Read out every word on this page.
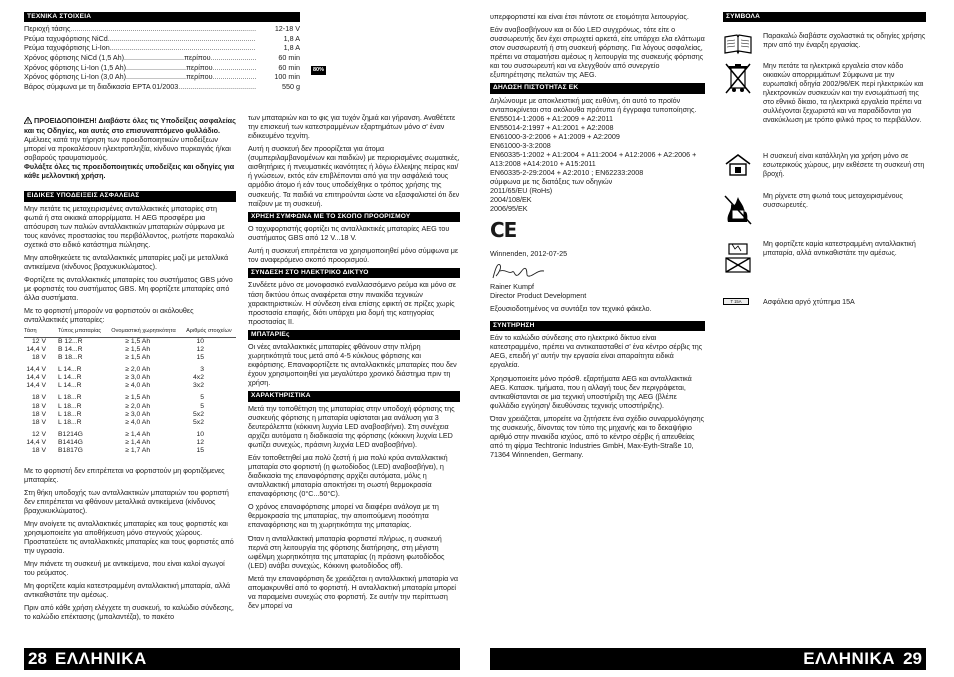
ΤΕΧΝΙΚΑ ΣΤΟΙΧΕΙΑ
Περιοχή τάσης .....	12-18 V
Ρεύμα ταχυφόρτισης NiCd .....	1,8 A
Ρεύμα ταχυφόρτισης Li-Ion .....	1,8 A
Χρόνος φόρτισης NiCd (1,5 Ah)..............................περίπου .....	60 min
Χρόνος φόρτισης Li-Ion (1,5 Ah)..............................περίπου .....	60 min
Χρόνος φόρτισης Li-Ion (3,0 Ah)..............................περίπου .....	100 min
Βάρος σύμφωνα με τη διαδικασία EPTA 01/2003 .....	550 g
80%

ΠΡΟΕΙΔΟΠΟΙΗΣΗ! Διαβάστε όλες τις Υποδείξεις ασφαλείας και τις Οδηγίες, και αυτές στο επισυναπτόμενο φυλλάδιο. Αμέλειες κατά την τήρηση των προειδοποιητικών υποδείξεων μπορεί να προκαλέσουν ηλεκτροπληξία, κίνδυνο πυρκαγιάς ή/και σοβαρούς τραυματισμούς.
Φυλάξτε όλες τις προειδοποιητικές υποδείξεις και οδηγίες για κάθε μελλοντική χρήση.

ΕΙΔΙΚΕΣ ΥΠΟΔΕΙΞΕΙΣ ΑΣΦΑΛΕΙΑΣ

Μην πετάτε τις μεταχειρισμένες ανταλλακτικές μπαταρίες στη φωτιά ή στα οικιακά απορρίμματα. Η AEG προσφέρει μια απόσυρση των παλιών ανταλλακτικών μπαταριών σύμφωνα με τους κανόνες προστασίας του περιβάλλοντος, ρωτήστε παρακαλώ σχετικά στο ειδικό κατάστημα πώλησης.

Μην αποθηκεύετε τις ανταλλακτικές μπαταρίες μαζί με μεταλλικά αντικείμενα (κίνδυνος βραχυκυκλώματος).

Φορτίζετε τις ανταλλακτικές μπαταρίες του συστήματος GBS μόνο με φορτιστές του συστήματος GBS. Μη φορτίζετε μπαταρίες από άλλα συστήματα.

Με το φορτιστή μπορούν να φορτιστούν οι ακόλουθες ανταλλακτικές μπαταρίες:

Τάση	Τύπος μπαταρίας	Ονομαστική χωρητικότητα	Αριθμός στοιχείων
12 V	B 12...R	≥ 1,5 Ah	10
14,4 V	B 14...R	≥ 1,5 Ah	12
18 V	B 18...R	≥ 1,5 Ah	15

14,4 V	L 14...R	≥ 2,0 Ah	3
14,4 V	L 14...R	≥ 3,0 Ah	4x2
14,4 V	L 14...R	≥ 4,0 Ah	3x2

18 V	L 18...R	≥ 1,5 Ah	5
18 V	L 18...R	≥ 2,0 Ah	5
18 V	L 18...R	≥ 3,0 Ah	5x2
18 V	L 18...R	≥ 4,0 Ah	5x2

12 V	B1214G	≥ 1,4 Ah	10
14,4 V	B1414G	≥ 1,4 Ah	12
18 V	B1817G	≥ 1,7 Ah	15

Με το φορτιστή δεν επιτρέπεται να φορτιστούν μη φορτιζόμενες μπαταρίες.

Στη θήκη υποδοχής των ανταλλακτικών μπαταριών του φορτιστή δεν επιτρέπεται να φθάνουν μεταλλικά αντικείμενα (κίνδυνος βραχυκυκλώματος).

Μην ανοίγετε τις ανταλλακτικές μπαταρίες και τους φορτιστές και χρησιμοποιείτε για αποθήκευση μόνο στεγνούς χώρους. Προστατεύετε τις ανταλλακτικές μπαταρίες και τους φορτιστές από την υγρασία.

Μην πιάνετε τη συσκευή με αντικείμενα, που είναι καλοί αγωγοί του ρεύματος.

Μη φορτίζετε καμία κατεστραμμένη ανταλλακτική μπαταρία, αλλά αντικαθιστάτε την αμέσως.

Πριν από κάθε χρήση ελέγχετε τη συσκευή, το καλώδιο σύνδεσης, το καλώδιο επέκτασης (μπαλαντέζα), το πακέτο

των μπαταριών και το φις για τυχόν ζημιά και γήρανση. Αναθέτετε την επισκευή των κατεστραμμένων εξαρτημάτων μόνο σ' έναν ειδικευμένο τεχνίτη.

Αυτή η συσκευή δεν προορίζεται για άτομα (συμπεριλαμβανομένων και παιδιών) με περιορισμένες σωματικές, αισθητήριες ή πνευματικές ικανότητες ή λόγω έλλειψης πείρας και/ή γνώσεων, εκτός εάν επιβλέπονται από για την ασφάλειά τους αρμόδιο άτομο ή εάν τους υποδείχθηκε ο τρόπος χρήσης της συσκευής. Τα παιδιά να επιτηρούνται ώστε να εξασφαλιστεί ότι δεν παίζουν με τη συσκευή.

ΧΡΗΣΗ ΣΥΜΦΩΝΑ ΜΕ ΤΟ ΣΚΟΠΟ ΠΡΟΟΡΙΣΜΟΥ

Ο ταχυφορτιστής φορτίζει τις ανταλλακτικές μπαταρίες AEG του συστήματος GBS από 12 V...18 V.

Αυτή η συσκευή επιτρέπεται να χρησιμοποιηθεί μόνο σύμφωνα με τον αναφερόμενο σκοπό προορισμού.

ΣΥΝΔΕΣΗ ΣΤΟ ΗΛΕΚΤΡΙΚΟ ΔΙΚΤΥΟ

Συνδέετε μόνο σε μονοφασικό εναλλασσόμενο ρεύμα και μόνο σε τάση δικτύου όπως αναφέρεται στην πινακίδα τεχνικών χαρακτηριστικών. Η σύνδεση είναι επίσης εφικτή σε πρίζες χωρίς προστασία επαφής, διότι υπάρχει μια δομή της κατηγορίας προστασίας II.

ΜΠΑΤΑΡΙΕς

Οι νέες ανταλλακτικές μπαταρίες φθάνουν στην πλήρη χωρητικότητά τους μετά από 4-5 κύκλους φόρτισης και εκφόρτισης. Επαναφορτίζετε τις ανταλλακτικές μπαταρίες που δεν έχουν χρησιμοποιηθεί για μεγαλύτερο χρονικό διάστημα πριν τη χρήση.

ΧΑΡΑΚΤΗΡΙΣΤΙΚΑ

Μετά την τοποθέτηση της μπαταρίας στην υποδοχή φόρτισης της συσκευής φόρτισης η μπαταρία υφίσταται μια ανάλυση για 3 δευτερόλεπτα (κόκκινη λυχνία LED αναβοσβήνει). Στη συνέχεια αρχίζει αυτόματα η διαδικασία της φόρτισης (κόκκινη λυχνία LED φωτίζει συνεχώς, πράσινη λυχνία LED αναβοσβήνει).

Εάν τοποθετηθεί μια πολύ ζεστή ή μια πολύ κρύα ανταλλακτική μπαταρία στο φορτιστή (η φωτοδίοδος (LED) αναβοσβήνει), η διαδικασία της επαναφόρτισης αρχίζει αυτόματα, μόλις η ανταλλακτική μπαταρία αποκτήσει τη σωστή θερμοκρασία επαναφόρτισης (0°C...50°C).

Ο χρόνος επαναφόρτισης μπορεί να διαφέρει ανάλογα με τη θερμοκρασία της μπαταρίας, την αποιπούμενη ποσότητα επαναφόρτισης και τη χωρητικότητα της μπαταρίας.

Όταν η ανταλλακτική μπαταρία φορτιστεί πλήρως, η συσκευή περνά στη λειτουργία της φόρτισης διατήρησης, στη μέγιστη ωφέλιμη χωρητικότητα της μπαταρίας (η πράσινη φωτοδίοδος (LED) ανάβει συνεχώς, Κόκκινη φωτοδίοδος off).

Μετά την επαναφόρτιση δε χρειάζεται η ανταλλακτική μπαταρία να απομακρυνθεί από το φορτιστή. Η ανταλλακτική μπαταρία μπορεί να παραμείνει συνεχώς στο φορτιστή. Σε αυτήν την περίπτωση δεν μπορεί να

28 ΕΛΛΗΝΙΚΑ

υπερφορτιστεί και είναι έτσι πάντοτε σε ετοιμότητα λειτουργίας.

Εάν αναβοσβήνουν και οι δύο LED συγχρόνως, τότε είτε ο συσσωρευτής δεν έχει σπρωχτεί αρκετά, είτε υπάρχει ελα ελάττωμα στον συσσωρευτή ή στη συσκευή φόρτισης. Για λόγους ασφαλείας, πρέπει να σταματήσει αμέσως η λειτουργία της συσκευής φόρτισης και του συσσωρευτή και να ελεγχθούν από συνεργείο εξυπηρέτησης πελατών της AEG.

ΔΗΛΩΣΗ ΠΙΣΤΟΤΗΤΑΣ ΕΚ

Δηλώνουμε με αποκλειστική μας ευθύνη, ότι αυτό το προϊόν ανταποκρίνεται στα ακόλουθα πρότυπα ή έγγραφα τυποποίησης.

EN55014-1:2006 + A1:2009 + A2:2011
EN55014-2:1997 + A1:2001 + A2:2008
EN61000-3-2:2006 + A1:2009 + A2:2009
EN61000-3-3:2008
EN60335-1:2002 + A1:2004 + A11:2004 + A12:2006 + A2:2006 + A13:2008 +A14:2010 + A15:2011
EN60335-2-29:2004 + A2:2010 ; EN62233:2008
σύμφωνα με τις διατάξεις των οδηγιών
2011/65/EU (RoHs)
2004/108/EK
2006/95/EK
CE

Winnenden, 2012-07-25

Rainer Kumpf

Director Product Development

Εξουσιοδοτημένος να συντάξει τον τεχνικό φάκελο.

ΣΥΝΤΗΡΗΣΗ

Εάν το καλώδιο σύνδεσης στο ηλεκτρικό δίκτυο είναι κατεστραμμένο, πρέπει να αντικατασταθεί σ' ένα κέντρο σέρβις της AEG, επειδή γι' αυτήν την εργασία είναι απαραίτητα ειδικά εργαλεία.

Χρησιμοποιείτε μόνο πρόσθ. εξαρτήματα AEG και ανταλλακτικά AEG. Κατασκ. τμήματα, που η αλλαγή τους δεν περιγράφεται, αντικαθίστανται σε μια τεχνική υποστήριξη της AEG (βλέπε φυλλάδιο εγγύηση/ διευθύνσεις τεχνικής υποστήριξης).

Όταν χρειάζεται, μπορείτε να ζητήσετε ένα σχέδιο συναρμολόγησης της συσκευής, δίνοντας τον τύπο της μηχανής και το δεκαψήφιο αριθμό στην πινακίδα ισχύος, από το κέντρο σέρβις ή απευθείας από τη φίρμα Techtronic Industries GmbH, Max-Eyth-Straße 10, 71364 Winnenden, Germany.

ΣΥΜΒΟΛΑ
Παρακαλώ διαβάστε σχολαστικά τις οδηγίες χρήσης πριν από την έναρξη εργασίας.
Μην πετάτε τα ηλεκτρικά εργαλεία στον κάδο οικιακών απορριμμάτων! Σύμφωνα με την ευρωπαϊκή οδηγία 2002/96/ΕΚ περί ηλεκτρικών και ηλεκτρονικών συσκευών και την ενσωμάτωσή της στο εθνικό δίκαιο, τα ηλεκτρικά εργαλεία πρέπει να συλλέγονται ξεχωριστά και να παραδίδονται για ανακύκλωση με τρόπο φιλικό προς το περιβάλλον.
Η συσκευή είναι κατάλληλη για χρήση μόνο σε εσωτερικούς χώρους, μην εκθέσετε τη συσκευή στη βροχή.
Μη ρίχνετε στη φωτιά τους μεταχειρισμένους συσσωρευτές.
Μη φορτίζετε καμία κατεστραμμένη ανταλλακτική μπαταρία, αλλά αντικαθιστάτε την αμέσως.
T 15A	Ασφάλεια αργό χτύπημα 15A
ΕΛΛΗΝΙΚΑ 29
